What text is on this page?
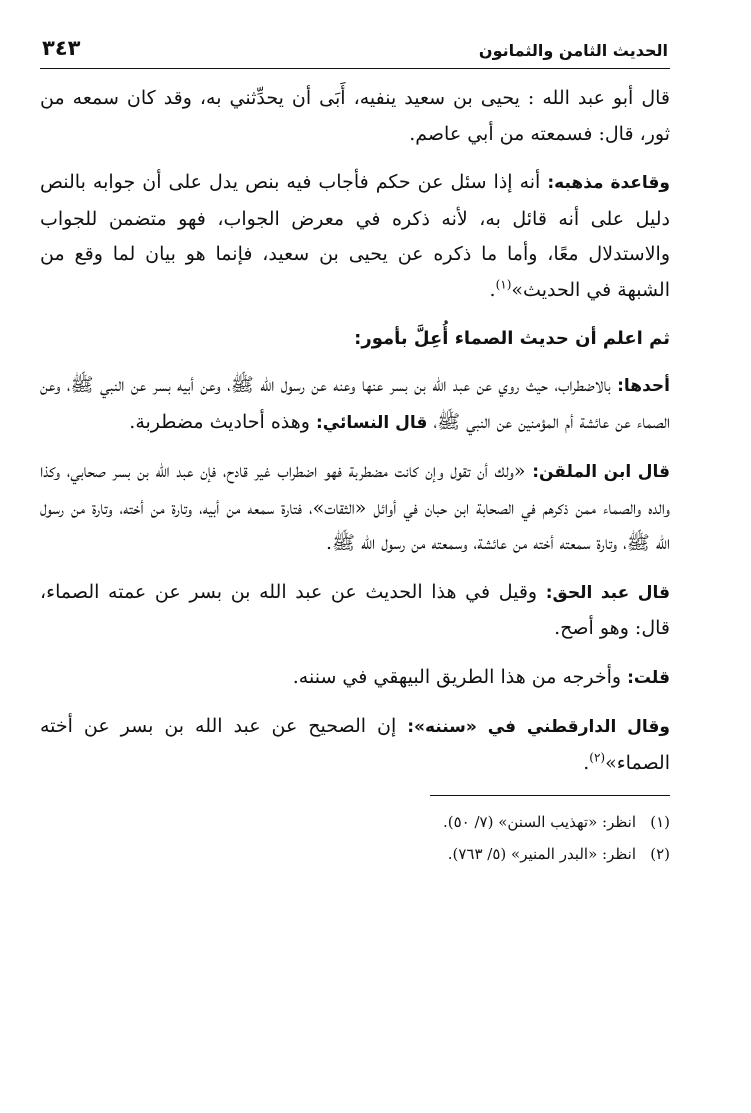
الحديث الثامن والثمانون
٣٤٣

قال أبو عبد الله : يحيى بن سعيد ينفيه، أَبَى أن يحدِّثني به، وقد كان سمعه من ثور، قال: فسمعته من أبي عاصم.

وقاعدة مذهبه: أنه إذا سئل عن حكم فأجاب فيه بنص يدل على أن جوابه بالنص دليل على أنه قائل به، لأنه ذكره في معرض الجواب، فهو متضمن للجواب والاستدلال معًا، وأما ما ذكره عن يحيى بن سعيد، فإنما هو بيان لما وقع من الشبهة في الحديث»$^{(١)}$.

ثم اعلم أن حديث الصماء أُعِلَّ بأمور:

أحدها: بالاضطراب، حيث روي عن عبد الله بن بسر عنها وعنه عن رسول الله ﷺ، وعن أبيه بسر عن النبي ﷺ، وعن الصماء عن عائشة أم المؤمنين عن النبي ﷺ، قال النسائي: وهذه أحاديث مضطربة.

قال ابن الملقن: «ولك أن تقول وإن كانت مضطربة فهو اضطراب غير قادح، فإن عبد الله بن بسر صحابي، وكذا والده والصماء ممن ذكرهم في الصحابة ابن حبان في أوائل «الثقات»، فتارة سمعه من أبيه، وتارة من أخته، وتارة من رسول الله ﷺ، وتارة سمعته أخته من عائشة، وسمعته من رسول الله ﷺ.

قال عبد الحق: وقيل في هذا الحديث عن عبد الله بن بسر عن عمته الصماء، قال: وهو أصح.

قلت: وأخرجه من هذا الطريق البيهقي في سننه.

وقال الدارقطني في «سننه»: إن الصحيح عن عبد الله بن بسر عن أخته الصماء»$^{(٢)}$.

(١)انظر: «تهذيب السنن» (٧/ ٥٠).

(٢)انظر: «البدر المنير» (٥/ ٧٦٣).
